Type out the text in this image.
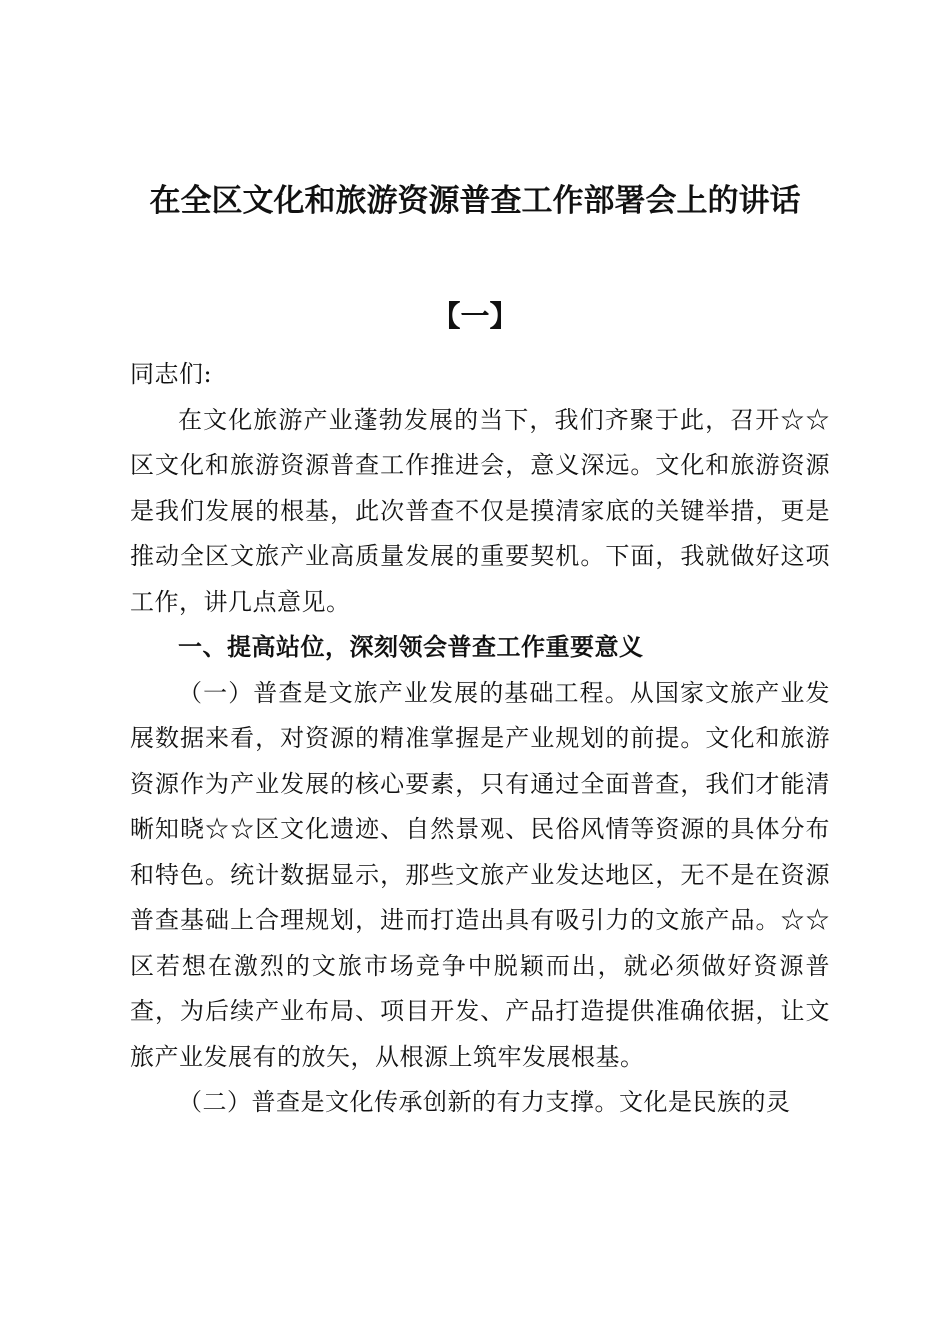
在全区文化和旅游资源普查工作部署会上的讲话
【一】

同志们:

在文化旅游产业蓬勃发展的当下，我们齐聚于此，召开☆☆区文化和旅游资源普查工作推进会，意义深远。文化和旅游资源是我们发展的根基，此次普查不仅是摸清家底的关键举措，更是推动全区文旅产业高质量发展的重要契机。下面，我就做好这项工作，讲几点意见。

一、提高站位，深刻领会普查工作重要意义

（一）普查是文旅产业发展的基础工程。从国家文旅产业发展数据来看，对资源的精准掌握是产业规划的前提。文化和旅游资源作为产业发展的核心要素，只有通过全面普查，我们才能清晰知晓☆☆区文化遗迹、自然景观、民俗风情等资源的具体分布和特色。统计数据显示，那些文旅产业发达地区，无不是在资源普查基础上合理规划，进而打造出具有吸引力的文旅产品。☆☆区若想在激烈的文旅市场竞争中脱颖而出，就必须做好资源普查，为后续产业布局、项目开发、产品打造提供准确依据，让文旅产业发展有的放矢，从根源上筑牢发展根基。

（二）普查是文化传承创新的有力支撑。文化是民族的灵
